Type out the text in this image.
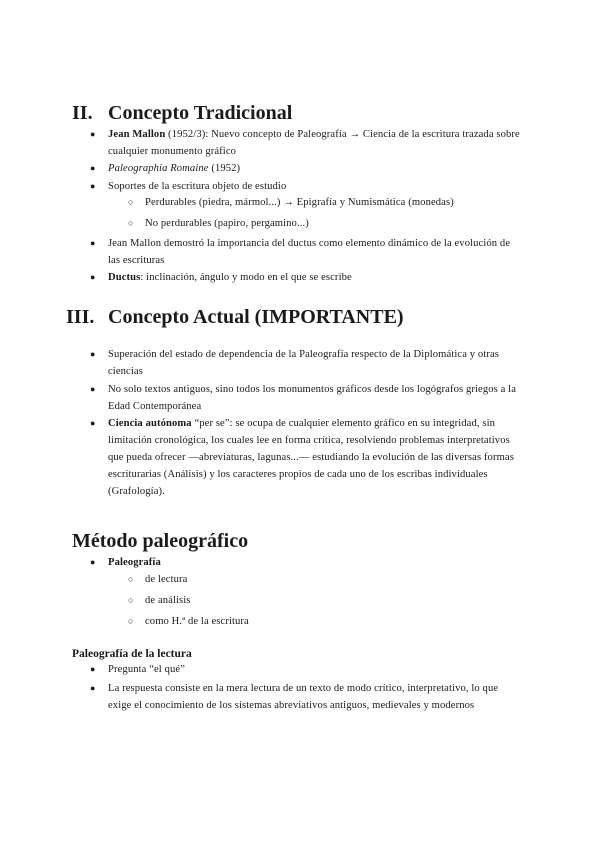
II. Concepto Tradicional
●
Jean Mallon (1952/3): Nuevo concepto de Paleografía → Ciencia de la escritura trazada sobre cualquier monumento gráfico
●
Paleographia Romaine (1952)
●
Soportes de la escritura objeto de estudio
○
Perdurables (piedra, mármol...) → Epigrafía y Numismática (monedas)
○
No perdurables (papiro, pergamino...)
●
Jean Mallon demostró la importancia del ductus como elemento dinámico de la evolución de las escrituras
●
Ductus: inclinación, ángulo y modo en el que se escribe
III. Concepto Actual (IMPORTANTE)
●
Superación del estado de dependencia de la Paleografía respecto de la Diplomática y otras ciencias
●
No solo textos antiguos, sino todos los monumentos gráficos desde los logógrafos griegos a la Edad Contemporánea
●
Ciencia autónoma “per se”: se ocupa de cualquier elemento gráfico en su integridad, sin limitación cronológica, los cuales lee en forma crítica, resolviendo problemas interpretativos que pueda ofrecer —abreviaturas, lagunas...— estudiando la evolución de las diversas formas escriturarias (Análisis) y los caracteres propios de cada uno de los escribas individuales (Grafología).
Método paleográfico
●
Paleografía
○
de lectura
○
de análisis
○
como H.ª de la escritura
Paleografía de la lectura
●
Pregunta “el qué”
●
La respuesta consiste en la mera lectura de un texto de modo crítico, interpretativo, lo que exige el conocimiento de los sistemas abreviativos antiguos, medievales y modernos
